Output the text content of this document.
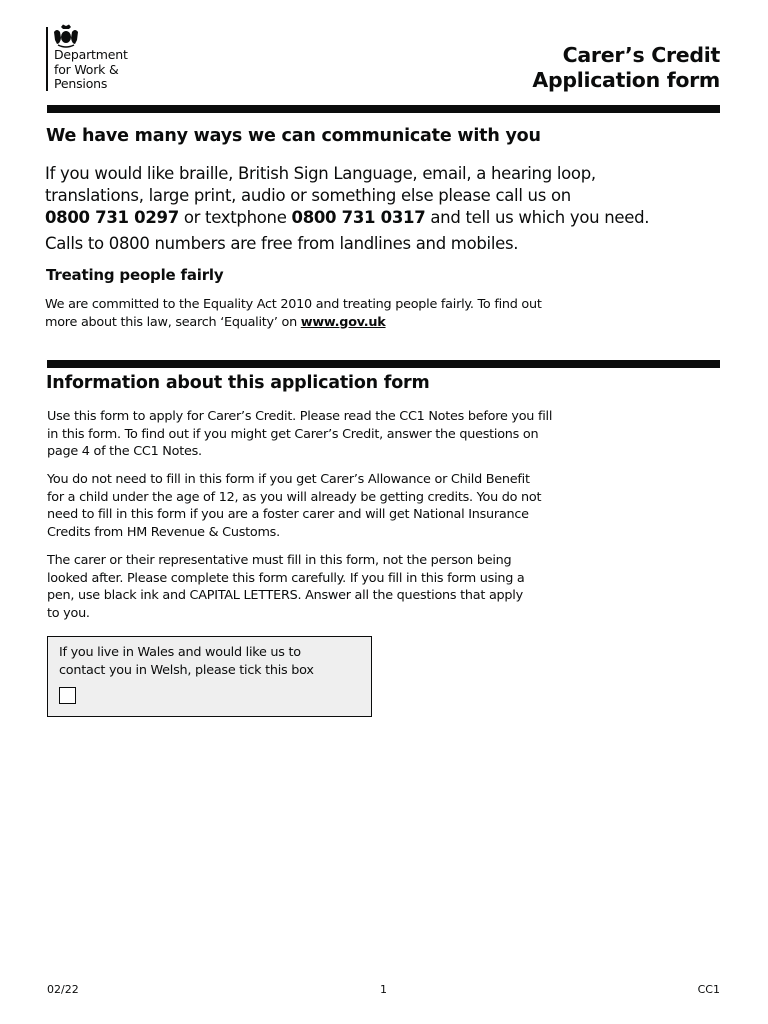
Department
for Work &
Pensions
Carer’s Credit
Application form
We have many ways we can communicate with you
If you would like braille, British Sign Language, email, a hearing loop,
translations, large print, audio or something else please call us on
0800 731 0297 or textphone 0800 731 0317 and tell us which you need.
Calls to 0800 numbers are free from landlines and mobiles.
Treating people fairly
We are committed to the Equality Act 2010 and treating people fairly. To find out
more about this law, search ‘Equality’ on www.gov.uk
Information about this application form
Use this form to apply for Carer’s Credit. Please read the CC1 Notes before you fill
in this form. To find out if you might get Carer’s Credit, answer the questions on
page 4 of the CC1 Notes.
You do not need to fill in this form if you get Carer’s Allowance or Child Benefit
for a child under the age of 12, as you will already be getting credits. You do not
need to fill in this form if you are a foster carer and will get National Insurance
Credits from HM Revenue & Customs.
The carer or their representative must fill in this form, not the person being
looked after. Please complete this form carefully. If you fill in this form using a
pen, use black ink and CAPITAL LETTERS. Answer all the questions that apply
to you.
If you live in Wales and would like us to
contact you in Welsh, please tick this box
02/22	1	CC1
